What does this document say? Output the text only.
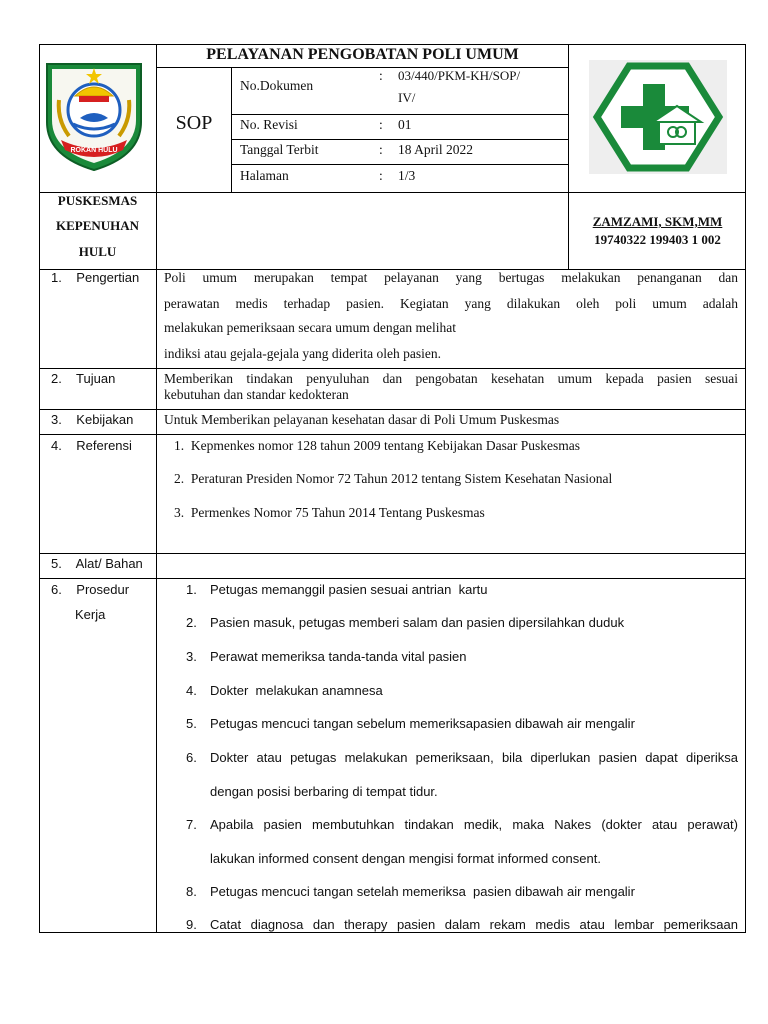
PELAYANAN PENGOBATAN POLI UMUM
SOP
No.Dokumen
: 03/440/PKM-KH/SOP/
IV/
No. Revisi	: 01
Tanggal Terbit	: 18 April 2022
Halaman	: 1/3
ROKAN HULU
PUSKESMAS
KEPENUHAN
HULU
ZAMZAMI, SKM,MM
19740322 199403 1 002
1.    Pengertian Poli umum merupakan tempat pelayanan yang bertugas melakukan penanganan dan
perawatan medis terhadap pasien. Kegiatan yang dilakukan oleh poli umum adalah
melakukan pemeriksaan secara umum dengan melihat
indiksi atau gejala-gejala yang diderita oleh pasien.
2.    Tujuan	Memberikan tindakan penyuluhan dan pengobatan kesehatan umum kepada pasien sesuai
kebutuhan dan standar kedokteran
3.    Kebijakan Untuk Memberikan pelayanan kesehatan dasar di Poli Umum Puskesmas
4.    Referensi	1.  Kepmenkes nomor 128 tahun 2009 tentang Kebijakan Dasar Puskesmas
2.  Peraturan Presiden Nomor 72 Tahun 2012 tentang Sistem Kesehatan Nasional
3.  Permenkes Nomor 75 Tahun 2014 Tentang Puskesmas
5.    Alat/ Bahan
6.    Prosedur
Kerja
1. Petugas memanggil pasien sesuai antrian  kartu
2. Pasien masuk, petugas memberi salam dan pasien dipersilahkan duduk
3. Perawat memeriksa tanda-tanda vital pasien
4. Dokter  melakukan anamnesa
5. Petugas mencuci tangan sebelum memeriksapasien dibawah air mengalir
6. Dokter atau petugas melakukan pemeriksaan, bila diperlukan pasien dapat diperiksa
dengan posisi berbaring di tempat tidur.
7. Apabila pasien membutuhkan tindakan medik, maka Nakes (dokter atau perawat)
lakukan informed consent dengan mengisi format informed consent.
8. Petugas mencuci tangan setelah memeriksa  pasien dibawah air mengalir
9. Catat diagnosa dan therapy pasien dalam rekam medis atau lembar pemeriksaan
